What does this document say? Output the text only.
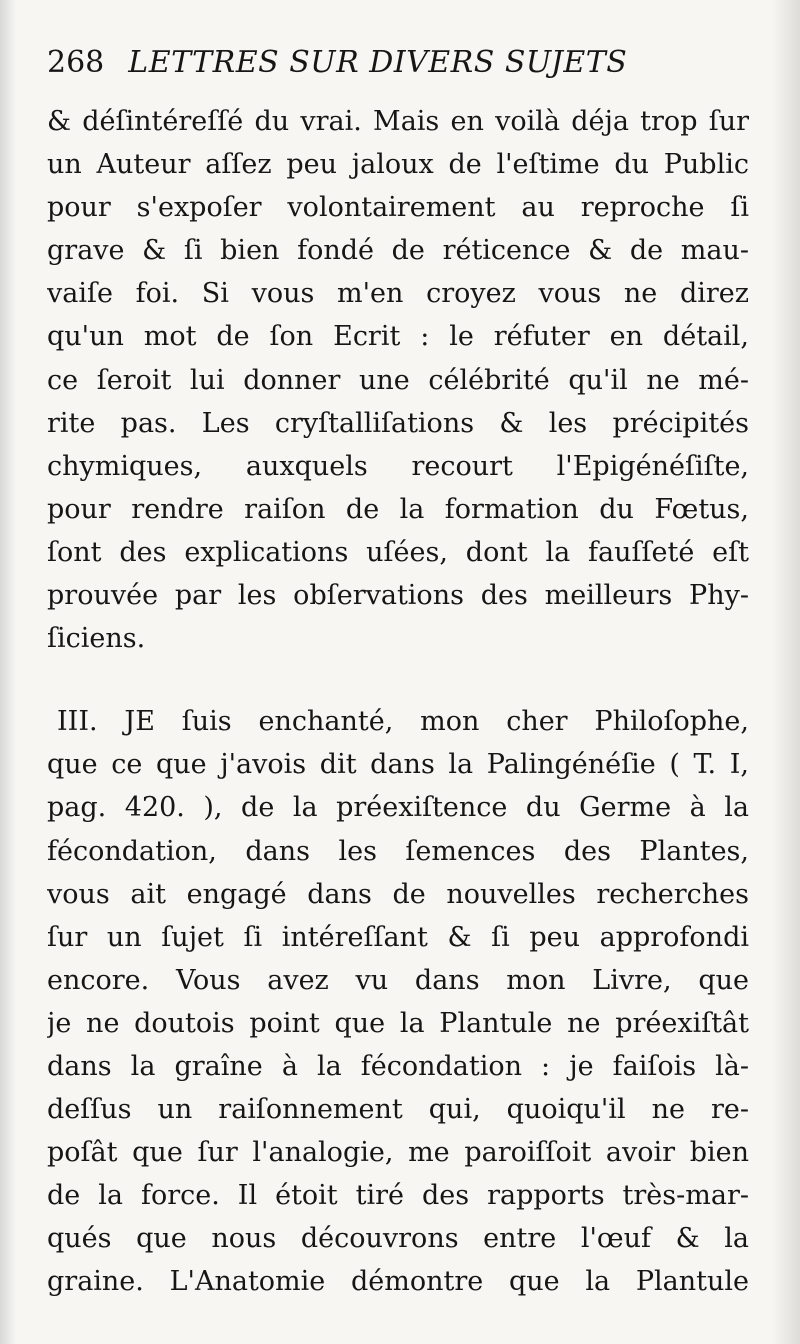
268 LETTRES SUR DIVERS SUJETS
& déſintéreſſé du vrai. Mais en voilà déja trop ſur
un Auteur aſſez peu jaloux de l'eſtime du Public
pour s'expoſer volontairement au reproche ſi
grave & ſi bien fondé de réticence & de mau-
vaiſe foi. Si vous m'en croyez vous ne direz
qu'un mot de ſon Ecrit : le réfuter en détail,
ce ſeroit lui donner une célébrité qu'il ne mé-
rite pas. Les cryſtalliſations & les précipités
chymiques, auxquels recourt l'Epigénéſiſte,
pour rendre raiſon de la formation du Fœtus,
ſont des explications uſées, dont la fauſſeté eſt
prouvée par les obſervations des meilleurs Phy-
ſiciens.
III. JE ſuis enchanté, mon cher Philoſophe,
que ce que j'avois dit dans la Palingénéſie ( T. I,
pag. 420. ), de la préexiſtence du Germe à la
fécondation, dans les ſemences des Plantes,
vous ait engagé dans de nouvelles recherches
ſur un ſujet ſi intéreſſant & ſi peu approfondi
encore. Vous avez vu dans mon Livre, que
je ne doutois point que la Plantule ne préexiſtât
dans la graîne à la fécondation : je faiſois là-
deſſus un raiſonnement qui, quoiqu'il ne re-
poſât que ſur l'analogie, me paroiſſoit avoir bien
de la force. Il étoit tiré des rapports très-mar-
qués que nous découvrons entre l'œuf & la
graine. L'Anatomie démontre que la Plantule
